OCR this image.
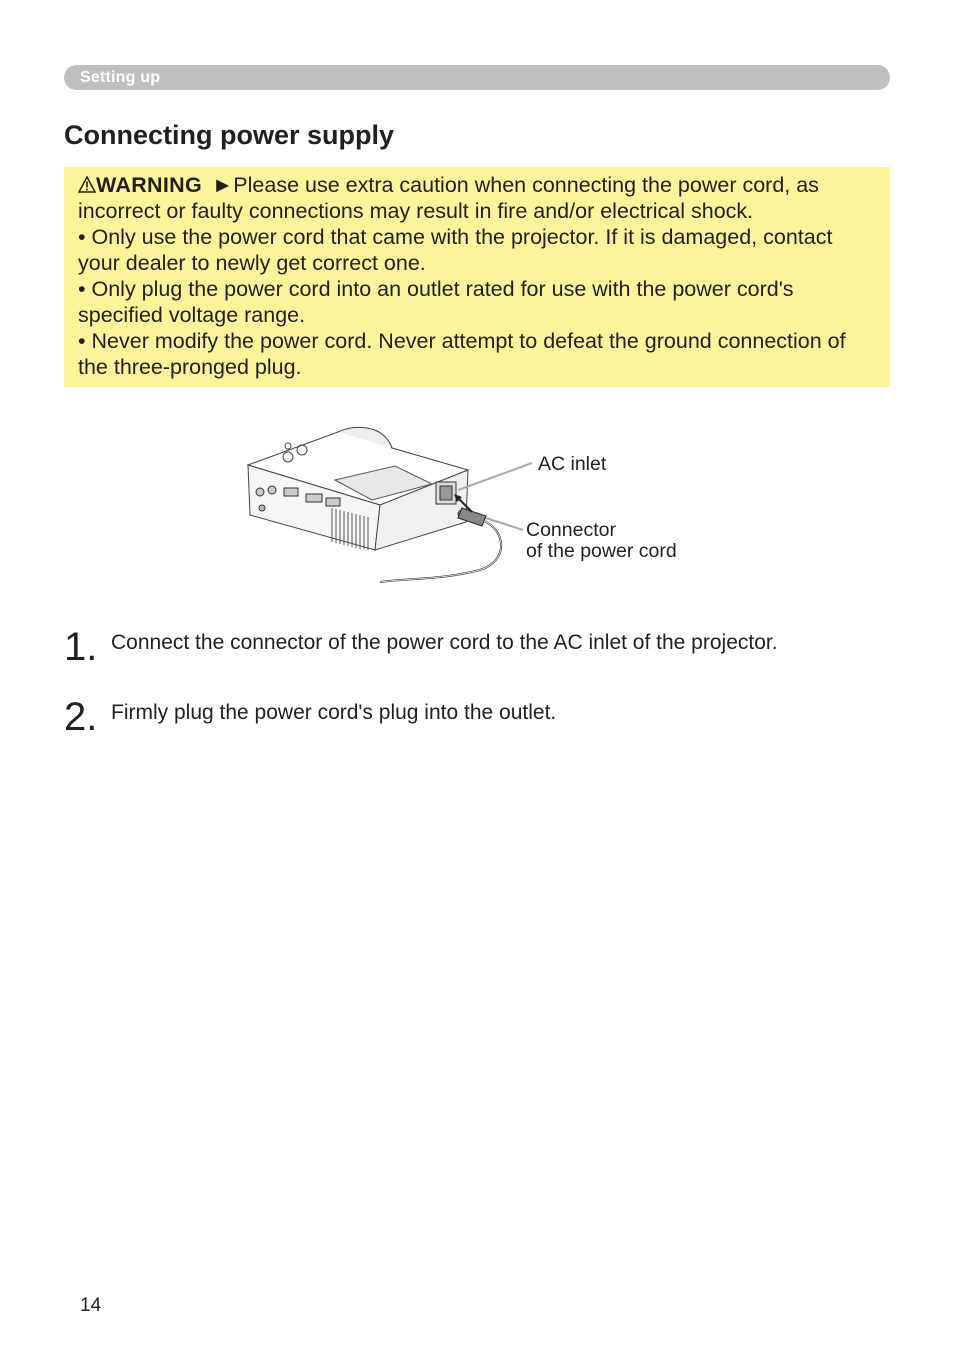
Setting up
Connecting power supply

WARNING ►Please use extra caution when connecting the power cord, as incorrect or faulty connections may result in fire and/or electrical shock.

• Only use the power cord that came with the projector. If it is damaged, contact your dealer to newly get correct one.

• Only plug the power cord into an outlet rated for use with the power cord's specified voltage range.

• Never modify the power cord. Never attempt to defeat the ground connection of the three-pronged plug.

AC inlet
Connector
of the power cord
1. Connect the connector of the power cord to the AC inlet of the projector.
2. Firmly plug the power cord's plug into the outlet.
14
